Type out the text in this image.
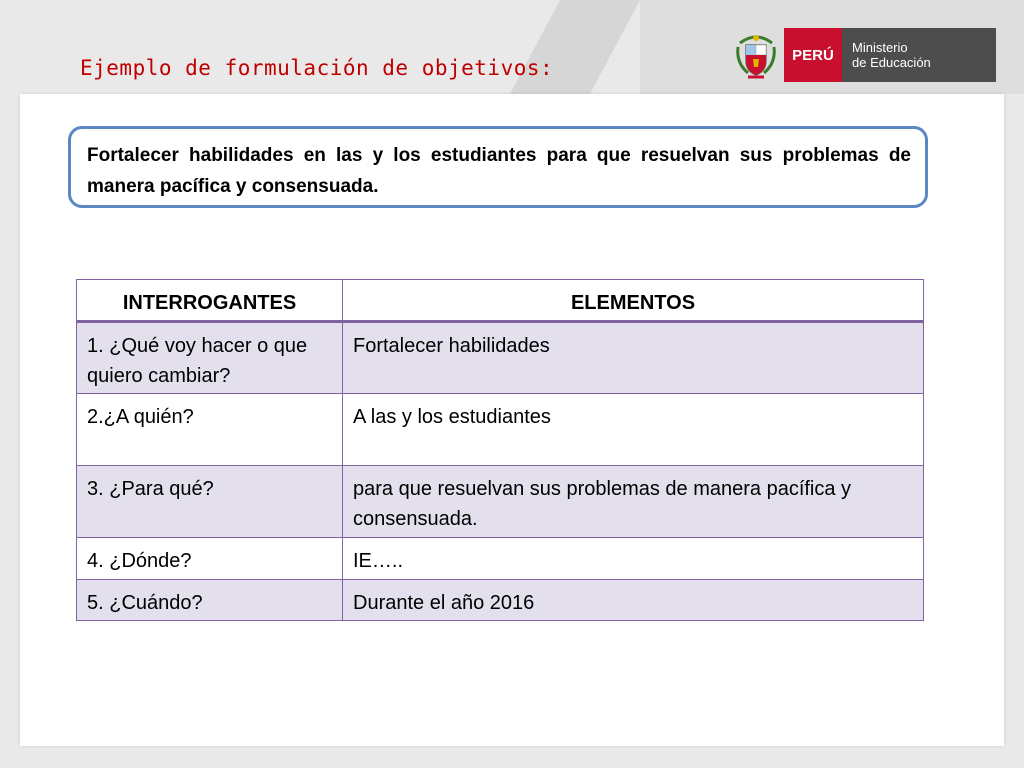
Ejemplo de formulación de objetivos:
PERÚ	Ministerio
de Educación
Fortalecer habilidades en las y los estudiantes para que resuelvan sus problemas de manera pacífica y consensuada.
INTERROGANTES	ELEMENTOS
1. ¿Qué voy hacer o que quiero cambiar?	Fortalecer habilidades
2.¿A quién?	A las y los estudiantes
3. ¿Para qué?	para que resuelvan sus problemas de manera pacífica y consensuada.
4. ¿Dónde?	IE…..
5. ¿Cuándo?	Durante el año 2016
